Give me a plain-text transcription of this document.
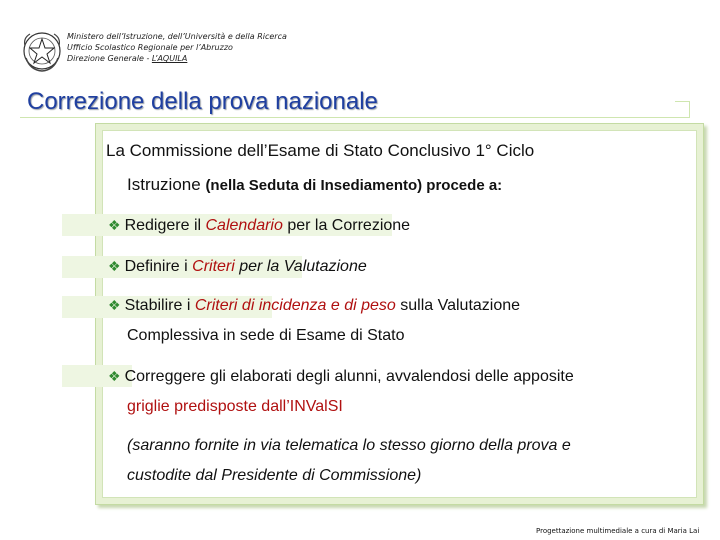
Ministero dell’Istruzione, dell’Università e della Ricerca
Ufficio Scolastico Regionale per l’Abruzzo
Direzione Generale - L’AQUILA
Correzione della prova nazionale
La Commissione dell’Esame di Stato Conclusivo 1° Ciclo
Istruzione (nella Seduta di Insediamento) procede a:
❖ Redigere il Calendario per la Correzione
❖ Definire i Criteri per la Valutazione
❖ Stabilire i Criteri di incidenza e di peso sulla Valutazione
Complessiva in sede di Esame di Stato
❖ Correggere gli elaborati degli alunni, avvalendosi delle apposite
griglie predisposte dall’INValSI
(saranno fornite in via telematica lo stesso giorno della prova e
custodite dal Presidente di Commissione)
Progettazione multimediale a cura di Maria Lai
